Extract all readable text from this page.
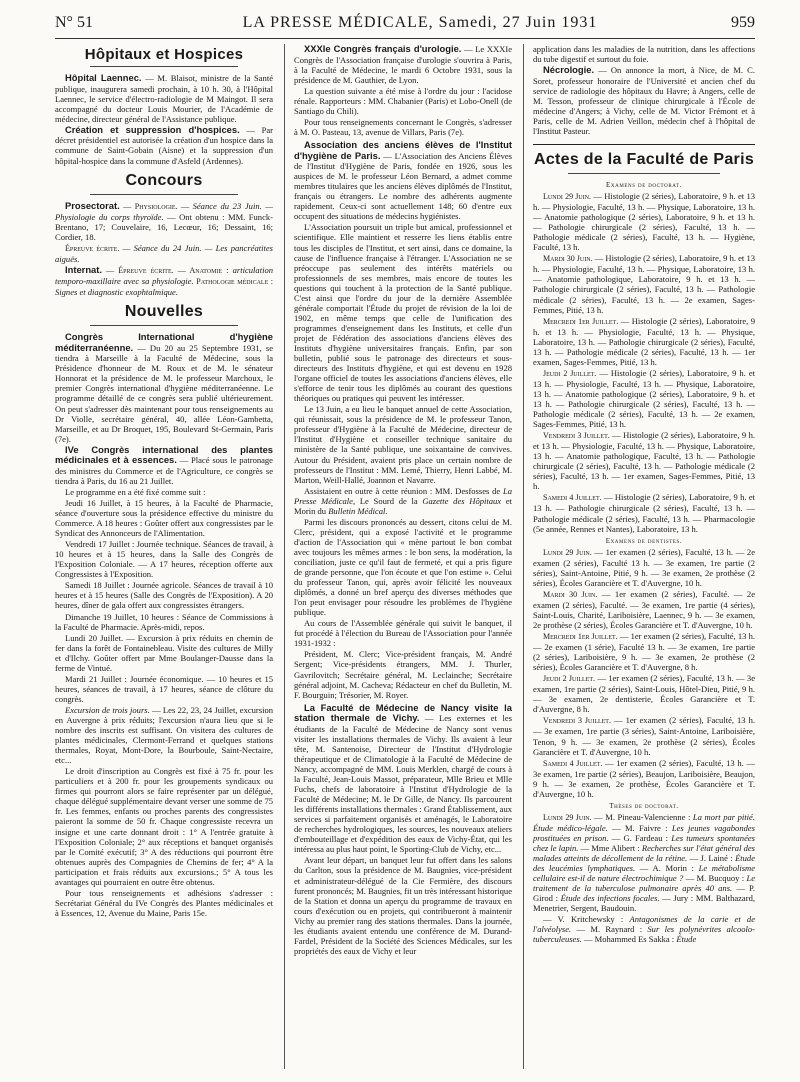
N° 51	LA PRESSE MÉDICALE, Samedi, 27 Juin 1931	959
Hôpitaux et Hospices

Hôpital Laennec. — M. Blaisot, ministre de la Santé publique, inaugurera samedi prochain, à 10 h. 30, à l'Hôpital Laennec, le service d'électro-radiologie de M Maingot. Il sera accompagné du docteur Louis Mourier, de l'Académie de médecine, directeur général de l'Assistance publique.

Création et suppression d'hospices. — Par décret présidentiel est autorisée la création d'un hospice dans la commune de Saint-Gobain (Aisne) et la suppression d'un hôpital-hospice dans la commune d'Asfeld (Ardennes).

Concours

Prosectorat. — Physiologie. — Séance du 23 Juin. — Physiologie du corps thyroïde. — Ont obtenu : MM. Funck-Brentano, 17; Couvelaire, 16, Lecœur, 16; Dessaint, 16; Cordier, 18.

Épreuve écrite. — Séance du 24 Juin. — Les pancréatites aiguës.

Internat. — Épreuve écrite. — Anatomie : articulation temporo-maxillaire avec sa physiologie. Pathologie médicale : Signes et diagnostic exophtalmique.

Nouvelles

Congrès International d'hygiène méditerranéenne. — Du 20 au 25 Septembre 1931, se tiendra à Marseille à la Faculté de Médecine, sous la Présidence d'honneur de M. Roux et de M. le sénateur Honnorat et la présidence de M. le professeur Marchoux, le premier Congrès international d'hygiène méditerranéenne. Le programme détaillé de ce congrès sera publié ultérieurement. On peut s'adresser dès maintenant pour tous renseignements au Dr Violle, secrétaire général, 40, allée Léon-Gambetta, Marseille, et au Dr Broquet, 195, Boulevard St-Germain, Paris (7e).

IVe Congrès international des plantes médicinales et à essences. — Placé sous le patronage des ministres du Commerce et de l'Agriculture, ce congrès se tiendra à Paris, du 16 au 21 Juillet.

Le programme en a été fixé comme suit :

Jeudi 16 Juillet, à 15 heures, à la Faculté de Pharmacie, séance d'ouverture sous la présidence effective du ministre du Commerce. A 18 heures : Goûter offert aux congressistes par le Syndicat des Annonceurs de l'Alimentation.

Vendredi 17 Juillet : Journée technique. Séances de travail, à 10 heures et à 15 heures, dans la Salle des Congrès de l'Exposition Coloniale. — A 17 heures, réception offerte aux Congressistes à l'Exposition.

Samedi 18 Juillet : Journée agricole. Séances de travail à 10 heures et à 15 heures (Salle des Congrès de l'Exposition). A 20 heures, dîner de gala offert aux congressistes étrangers.

Dimanche 19 Juillet, 10 heures : Séance de Commissions à la Faculté de Pharmacie. Après-midi, repos.

Lundi 20 Juillet. — Excursion à prix réduits en chemin de fer dans la forêt de Fontainebleau. Visite des cultures de Milly et d'Ilchy. Goûter offert par Mme Boulanger-Dausse dans la ferme de Vintué.

Mardi 21 Juillet : Journée économique. — 10 heures et 15 heures, séances de travail, à 17 heures, séance de clôture du congrès.

Excursion de trois jours. — Les 22, 23, 24 Juillet, excursion en Auvergne à prix réduits; l'excursion n'aura lieu que si le nombre des inscrits est suffisant. On visitera des cultures de plantes médicinales, Clermont-Ferrand et quelques stations thermales, Royat, Mont-Dore, la Bourboule, Saint-Nectaire, etc...

Le droit d'inscription au Congrès est fixé à 75 fr. pour les particuliers et à 200 fr. pour les groupements syndicaux ou firmes qui pourront alors se faire représenter par un délégué, chaque délégué supplémentaire devant verser une somme de 75 fr. Les femmes, enfants ou proches parents des congressistes paieront la somme de 50 fr. Chaque congressiste recevra un insigne et une carte donnant droit : 1° A l'entrée gratuite à l'Exposition Coloniale; 2° aux réceptions et banquet organisés par le Comité exécutif; 3° A des réductions qui pourront être obtenues auprès des Compagnies de Chemins de fer; 4° A la participation et frais réduits aux excursions.; 5° A tous les avantages qui pourraient en outre être obtenus.

Pour tous renseignements et adhésions s'adresser : Secrétariat Général du IVe Congrès des Plantes médicinales et à Essences, 12, Avenue du Maine, Paris 15e.

XXXIe Congrès français d'urologie. — Le XXXIe Congrès de l'Association française d'urologie s'ouvrira à Paris, à la Faculté de Médecine, le mardi 6 Octobre 1931, sous la présidence de M. Gauthier, de Lyon.

La question suivante a été mise à l'ordre du jour : l'acidose rénale. Rapporteurs : MM. Chabanier (Paris) et Lobo-Onell (de Santiago du Chili).

Pour tous renseignements concernant le Congrès, s'adresser à M. O. Pasteau, 13, avenue de Villars, Paris (7e).

Association des anciens élèves de l'Institut d'hygiène de Paris. — L'Association des Anciens Élèves de l'Institut d'Hygiène de Paris, fondée en 1926, sous les auspices de M. le professeur Léon Bernard, a admet comme membres titulaires que les anciens élèves diplômés de l'Institut, français ou étrangers. Le nombre des adhérents augmente rapidement. Ceux-ci sont actuellement 148; 60 d'entre eux occupent des situations de médecins hygiénistes.

L'Association poursuit un triple but amical, professionnel et scientifique. Elle maintient et resserre les liens établis entre tous les disciples de l'Institut, et sert ainsi, dans ce domaine, la cause de l'influence française à l'étranger. L'Association ne se préoccupe pas seulement des intérêts matériels ou professionnels de ses membres, mais encore de toutes les questions qui touchent à la protection de la Santé publique. C'est ainsi que l'ordre du jour de la dernière Assemblée générale comportait l'Étude du projet de révision de la loi de 1902, en même temps que celle de l'unification des programmes d'enseignement dans les Instituts, et celle d'un projet de Fédération des associations d'anciens élèves des Instituts d'hygiène universitaires français. Enfin, par son bulletin, publié sous le patronage des directeurs et sous-directeurs des Instituts d'hygiène, et qui est devenu en 1928 l'organe officiel de toutes les associations d'anciens élèves, elle s'efforce de tenir tous les diplômés au courant des questions théoriques ou pratiques qui peuvent les intéresser.

Le 13 Juin, a eu lieu le banquet annuel de cette Association, qui réunissait, sous la présidence de M. le professeur Tanon, professeur d'Hygiène à la Faculté de Médecine, directeur de l'Institut d'Hygiène et conseiller technique sanitaire du ministère de la Santé publique, une soixantaine de convives. Autour du Président, avaient pris place un certain nombre de professeurs de l'Institut : MM. Lemé, Thierry, Henri Labbé, M. Marton, Weill-Hallé, Joannon et Navarre.

Assistaient en outre à cette réunion : MM. Desfosses de La Presse Médicale, Le Sourd de la Gazette des Hôpitaux et Morin du Bulletin Médical.

Parmi les discours prononcés au dessert, citons celui de M. Clerc, président, qui a exposé l'activité et le programme d'action de l'Association qui « mène partout le bon combat avec toujours les mêmes armes : le bon sens, la modération, la conciliation, juste ce qu'il faut de fermeté, et qui a pris figure de grande personne, que l'on écoute et que l'on estime ». Celui du professeur Tanon, qui, après avoir félicité les nouveaux diplômés, a donné un bref aperçu des diverses méthodes que l'on peut envisager pour résoudre les problèmes de l'hygiène publique.

Au cours de l'Assemblée générale qui suivit le banquet, il fut procédé à l'élection du Bureau de l'Association pour l'année 1931-1932 :

Président, M. Clerc; Vice-président français, M. André Sergent; Vice-présidents étrangers, MM. J. Thurler, Gavrilovitch; Secrétaire général, M. Leclainche; Secrétaire général adjoint, M. Cacheva; Rédacteur en chef du Bulletin, M. F. Bourguin; Trésorier, M. Royer.

La Faculté de Médecine de Nancy visite la station thermale de Vichy. — Les externes et les étudiants de la Faculté de Médecine de Nancy sont venus visiter les installations thermales de Vichy. Ils avaient à leur tête, M. Santenoise, Directeur de l'Institut d'Hydrologie thérapeutique et de Climatologie à la Faculté de Médecine de Nancy, accompagné de MM. Louis Merklen, chargé de cours à la Faculté, Jean-Louis Massot, préparateur, Mlle Brieu et Mlle Fuchs, chefs de laboratoire à l'Institut d'Hydrologie de la Faculté de Médecine; M. le Dr Gille, de Nancy. Ils parcourent les différents installations thermales : Grand Établissement, aux services si parfaitement organisés et aménagés, le Laboratoire de recherches hydrologiques, les sources, les nouveaux ateliers d'embouteillage et d'expédition des eaux de Vichy-État, qui les intéressa au plus haut point, le Sporting-Club de Vichy, etc...

Avant leur départ, un banquet leur fut offert dans les salons du Carlton, sous la présidence de M. Baugnies, vice-président et administrateur-délégué de la Cie Fermière, des discours furent prononcés; M. Baugnies, fit un très intéressant historique de la Station et donna un aperçu du programme de travaux en cours d'exécution ou en projets, qui contribueront à maintenir Vichy au premier rang des stations thermales. Dans la journée, les étudiants avaient entendu une conférence de M. Durand-Fardel, Président de la Société des Sciences Médicales, sur les propriétés des eaux de Vichy et leur

application dans les maladies de la nutrition, dans les affections du tube digestif et surtout du foie.

Nécrologie. — On annonce la mort, à Nice, de M. C. Soret, professeur honoraire de l'Université et ancien chef du service de radiologie des hôpitaux du Havre; à Angers, celle de M. Tesson, professeur de clinique chirurgicale à l'École de médecine d'Angers; à Vichy, celle de M. Victor Frémont et à Paris, celle de M. Adrien Veillon, médecin chef à l'hôpital de l'Institut Pasteur.

Actes de la Faculté de Paris

Examens de doctorat.

Lundi 29 Juin. — Histologie (2 séries), Laboratoire, 9 h. et 13 h. — Physiologie, Faculté, 13 h. — Physique, Laboratoire, 13 h. — Anatomie pathologique (2 séries), Laboratoire, 9 h. et 13 h. — Pathologie chirurgicale (2 séries), Faculté, 13 h. — Pathologie médicale (2 séries), Faculté, 13 h. — Hygiène, Faculté, 13 h.

Mardi 30 Juin. — Histologie (2 séries), Laboratoire, 9 h. et 13 h. — Physiologie, Faculté, 13 h. — Physique, Laboratoire, 13 h. — Anatomie pathologique, Laboratoire, 9 h. et 13 h. — Pathologie chirurgicale (2 séries), Faculté, 13 h. — Pathologie médicale (2 séries), Faculté, 13 h. — 2e examen, Sages-Femmes, Pitié, 13 h.

Mercredi 1er Juillet. — Histologie (2 séries), Laboratoire, 9 h. et 13 h. — Physiologie, Faculté, 13 h. — Physique, Laboratoire, 13 h. — Pathologie chirurgicale (2 séries), Faculté, 13 h. — Pathologie médicale (2 séries), Faculté, 13 h. — 1er examen, Sages-Femmes, Pitié, 13 h.

Jeudi 2 Juillet. — Histologie (2 séries), Laboratoire, 9 h. et 13 h. — Physiologie, Faculté, 13 h. — Physique, Laboratoire, 13 h. — Anatomie pathologique (2 séries), Laboratoire, 9 h. et 13 h. — Pathologie chirurgicale (2 séries), Faculté, 13 h. — Pathologie médicale (2 séries), Faculté, 13 h. — 2e examen, Sages-Femmes, Pitié, 13 h.

Vendredi 3 Juillet. — Histologie (2 séries), Laboratoire, 9 h. et 13 h. — Physiologie, Faculté, 13 h. — Physique, Laboratoire, 13 h. — Anatomie pathologique, Faculté, 13 h. — Pathologie chirurgicale (2 séries), Faculté, 13 h. — Pathologie médicale (2 séries), Faculté, 13 h. — 1er examen, Sages-Femmes, Pitié, 13 h.

Samedi 4 Juillet. — Histologie (2 séries), Laboratoire, 9 h. et 13 h. — Pathologie chirurgicale (2 séries), Faculté, 13 h. — Pathologie médicale (2 séries), Faculté, 13 h. — Pharmacologie (5e année, Rennes et Nantes), Laboratoire, 13 h.

Examens de dentistes.

Lundi 29 Juin. — 1er examen (2 séries), Faculté, 13 h. — 2e examen (2 séries), Faculté 13 h. — 3e examen, 1re partie (2 séries), Saint-Antoine, Pitié, 9 h. — 3e examen, 2e prothèse (2 séries), Écoles Garancière et T. d'Auvergne, 10 h.

Mardi 30 Juin. — 1er examen (2 séries), Faculté. — 2e examen (2 séries), Faculté. — 3e examen, 1re partie (4 séries), Saint-Louis, Charité, Lariboisière, Laennec, 9 h. — 3e examen, 2e prothèse (2 séries), Écoles Garancière et T. d'Auvergne, 10 h.

Mercredi 1er Juillet. — 1er examen (2 séries), Faculté, 13 h. — 2e examen (1 série), Faculté 13 h. — 3e examen, 1re partie (2 séries), Lariboisière, 9 h. — 3e examen, 2e prothèse (2 séries), Écoles Garancière et T. d'Auvergne, 8 h.

Jeudi 2 Juillet. — 1er examen (2 séries), Faculté, 13 h. — 3e examen, 1re partie (2 séries), Saint-Louis, Hôtel-Dieu, Pitié, 9 h. — 3e examen, 2e dentisterie, Écoles Garancière et T. d'Auvergne, 8 h.

Vendredi 3 Juillet. — 1er examen (2 séries), Faculté, 13 h. — 3e examen, 1re partie (3 séries), Saint-Antoine, Lariboisière, Tenon, 9 h. — 3e examen, 2e prothèse (2 séries), Écoles Garancière et T. d'Auvergne, 10 h.

Samedi 4 Juillet. — 1er examen (2 séries), Faculté, 13 h. — 3e examen, 1re partie (2 séries), Beaujon, Lariboisière, Beaujon, 9 h. — 3e examen, 2e prothèse, Écoles Garancière et T. d'Auvergne, 10 h.

Thèses de doctorat.

Lundi 29 Juin. — M. Pineau-Valencienne : La mort par pitié. Étude médico-légale. — M. Faivre : Les jeunes vagabondes prostituées en prison. — G. Fardeau : Les tumeurs spontanées chez le lapin. — Mme Alibert : Recherches sur l'état général des malades atteints de décollement de la rétine. — J. Lainé : Étude des leucémies lymphatiques. — A. Morin : Le métabolisme cellulaire est-il de nature électrochimique ? — M. Bucquoy : Le traitement de la tuberculose pulmonaire après 40 ans. — P. Girod : Étude des infections focales. — Jury : MM. Balthazard, Menetrier, Sergent, Baudouin.

— V. Kritchewsky : Antagonismes de la carie et de l'alvéolyse. — M. Raynard : Sur les polynévrites alcoolo-tuberculeuses. — Mohammed Es Sakka : Étude
